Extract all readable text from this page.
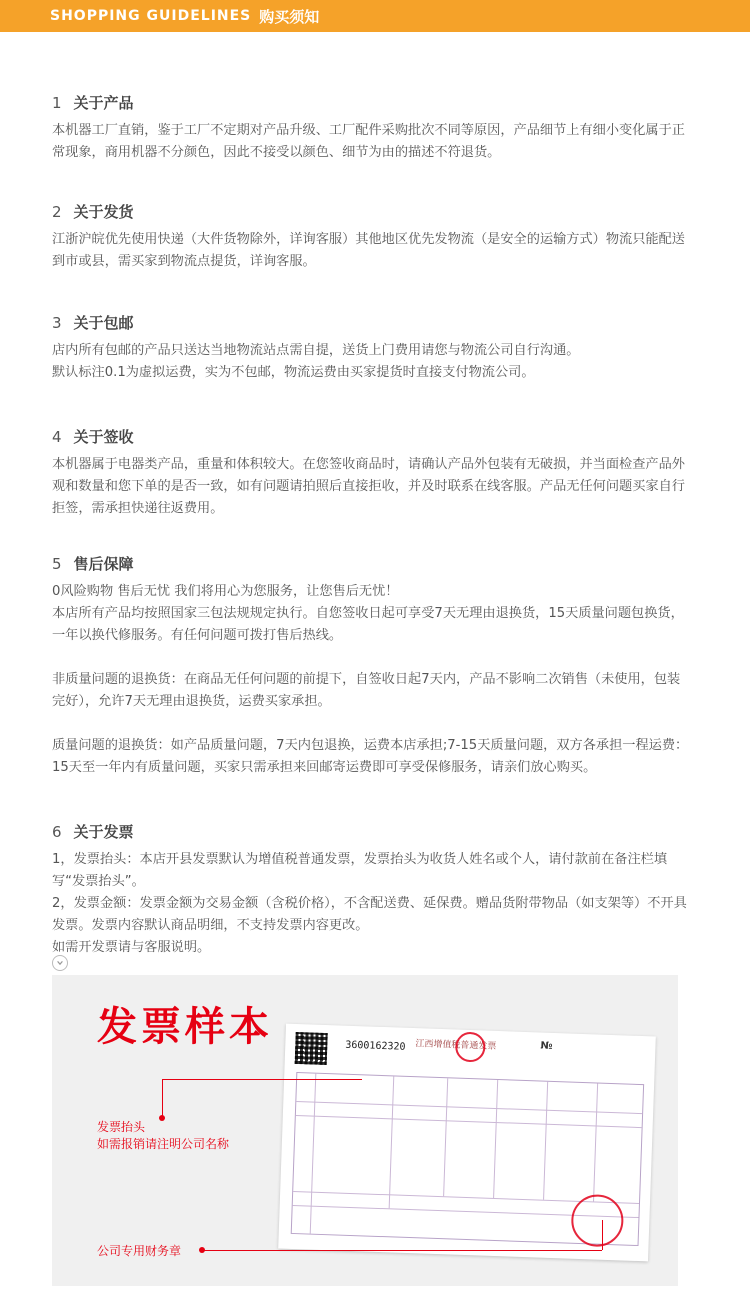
SHOPPING GUIDELINES 购买须知
1 关于产品

本机器工厂直销，鉴于工厂不定期对产品升级、工厂配件采购批次不同等原因，产品细节上有细小变化属于正常现象，商用机器不分颜色，因此不接受以颜色、细节为由的描述不符退货。

2 关于发货

江浙沪皖优先使用快递（大件货物除外，详询客服）其他地区优先发物流（是安全的运输方式）物流只能配送到市或县，需买家到物流点提货，详询客服。

3 关于包邮

店内所有包邮的产品只送达当地物流站点需自提，送货上门费用请您与物流公司自行沟通。
默认标注0.1为虚拟运费，实为不包邮，物流运费由买家提货时直接支付物流公司。

4 关于签收

本机器属于电器类产品，重量和体积较大。在您签收商品时，请确认产品外包装有无破损，并当面检查产品外观和数量和您下单的是否一致，如有问题请拍照后直接拒收，并及时联系在线客服。产品无任何问题买家自行拒签，需承担快递往返费用。

5 售后保障

0风险购物 售后无忧 我们将用心为您服务，让您售后无忧！
本店所有产品均按照国家三包法规规定执行。自您签收日起可享受7天无理由退换货，15天质量问题包换货，一年以换代修服务。有任何问题可拨打售后热线。

非质量问题的退换货：在商品无任何问题的前提下，自签收日起7天内，产品不影响二次销售（未使用，包装完好），允许7天无理由退换货，运费买家承担。

质量问题的退换货：如产品质量问题，7天内包退换，运费本店承担;7-15天质量问题，双方各承担一程运费：15天至一年内有质量问题，买家只需承担来回邮寄运费即可享受保修服务，请亲们放心购买。

6 关于发票

1，发票抬头：本店开县发票默认为增值税普通发票，发票抬头为收货人姓名或个人，请付款前在备注栏填写“发票抬头”。
2，发票金额：发票金额为交易金额（含税价格），不含配送费、延保费。赠品货附带物品（如支架等）不开具发票。发票内容默认商品明细，不支持发票内容更改。
如需开发票请与客服说明。

发票样本	3600162320 江西增值税普通发票	№
发票抬头
如需报销请注明公司名称
公司专用财务章
